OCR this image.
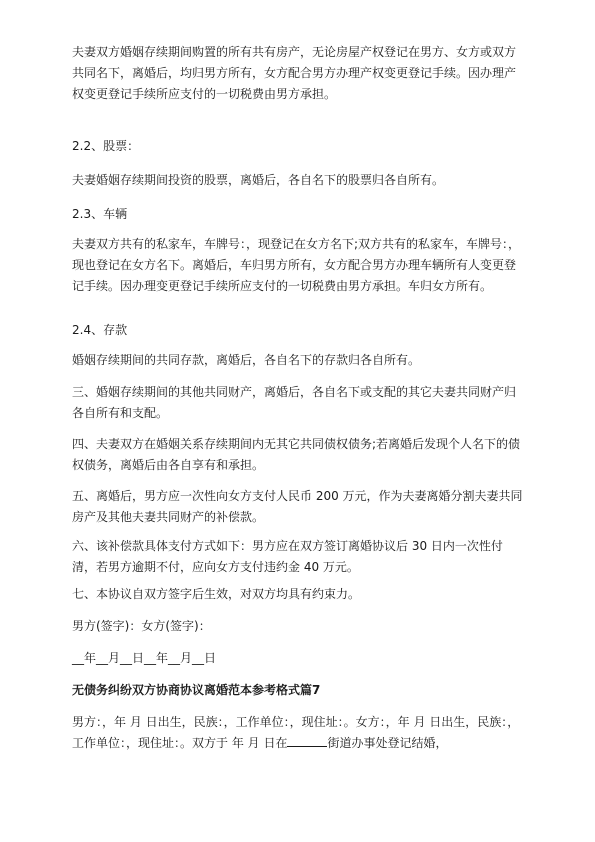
夫妻双方婚姻存续期间购置的所有共有房产，无论房屋产权登记在男方、女方或双方共同名下，离婚后，均归男方所有，女方配合男方办理产权变更登记手续。因办理产权变更登记手续所应支付的一切税费由男方承担。

2.2、股票：

夫妻婚姻存续期间投资的股票，离婚后，各自名下的股票归各自所有。

2.3、车辆

夫妻双方共有的私家车，车牌号：，现登记在女方名下;双方共有的私家车，车牌号：，现也登记在女方名下。离婚后，车归男方所有，女方配合男方办理车辆所有人变更登记手续。因办理变更登记手续所应支付的一切税费由男方承担。车归女方所有。

2.4、存款

婚姻存续期间的共同存款，离婚后，各自名下的存款归各自所有。

三、婚姻存续期间的其他共同财产，离婚后，各自名下或支配的其它夫妻共同财产归各自所有和支配。

四、夫妻双方在婚姻关系存续期间内无其它共同债权债务;若离婚后发现个人名下的债权债务，离婚后由各自享有和承担。

五、离婚后，男方应一次性向女方支付人民币 200 万元，作为夫妻离婚分割夫妻共同房产及其他夫妻共同财产的补偿款。

六、该补偿款具体支付方式如下：男方应在双方签订离婚协议后 30 日内一次性付清，若男方逾期不付，应向女方支付违约金 40 万元。

七、本协议自双方签字后生效，对双方均具有约束力。

男方(签字)：女方(签字)：

__年__月__日__年__月__日

无债务纠纷双方协商协议离婚范本参考格式篇7

男方：，年 月 日出生，民族：，工作单位：，现住址：。女方：，年 月 日出生，民族：，工作单位：，现住址：。双方于 年 月 日在	街道办事处登记结婚，
